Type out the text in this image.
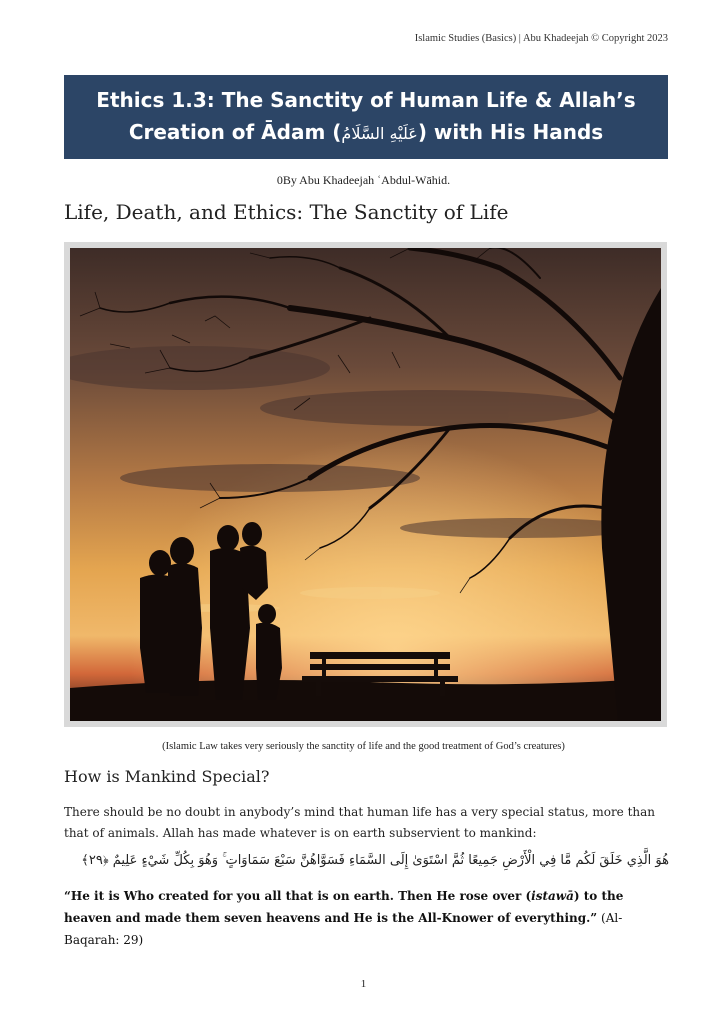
Islamic Studies (Basics) | Abu Khadeejah © Copyright 2023
Ethics 1.3: The Sanctity of Human Life & Allah’s
Creation of Ādam (عَلَيْهِ السَّلَامُ) with His Hands
0By Abu Khadeejah ʿAbdul-Wāhid.
Life, Death, and Ethics: The Sanctity of Life
(Islamic Law takes very seriously the sanctity of life and the good treatment of God’s creatures)
How is Mankind Special?

There should be no doubt in anybody’s mind that human life has a very special status, more than that of animals. Allah has made whatever is on earth subservient to mankind:

هُوَ الَّذِي خَلَقَ لَكُم مَّا فِي الْأَرْضِ جَمِيعًا ثُمَّ اسْتَوَىٰ إِلَى السَّمَاءِ فَسَوَّاهُنَّ سَبْعَ سَمَاوَاتٍ ۚ وَهُوَ بِكُلِّ شَيْءٍ عَلِيمٌ ﴿٢٩﴾

“He it is Who created for you all that is on earth. Then He rose over (istawā) to the heaven and made them seven heavens and He is the All-Knower of everything.” (Al-Baqarah: 29)

1
